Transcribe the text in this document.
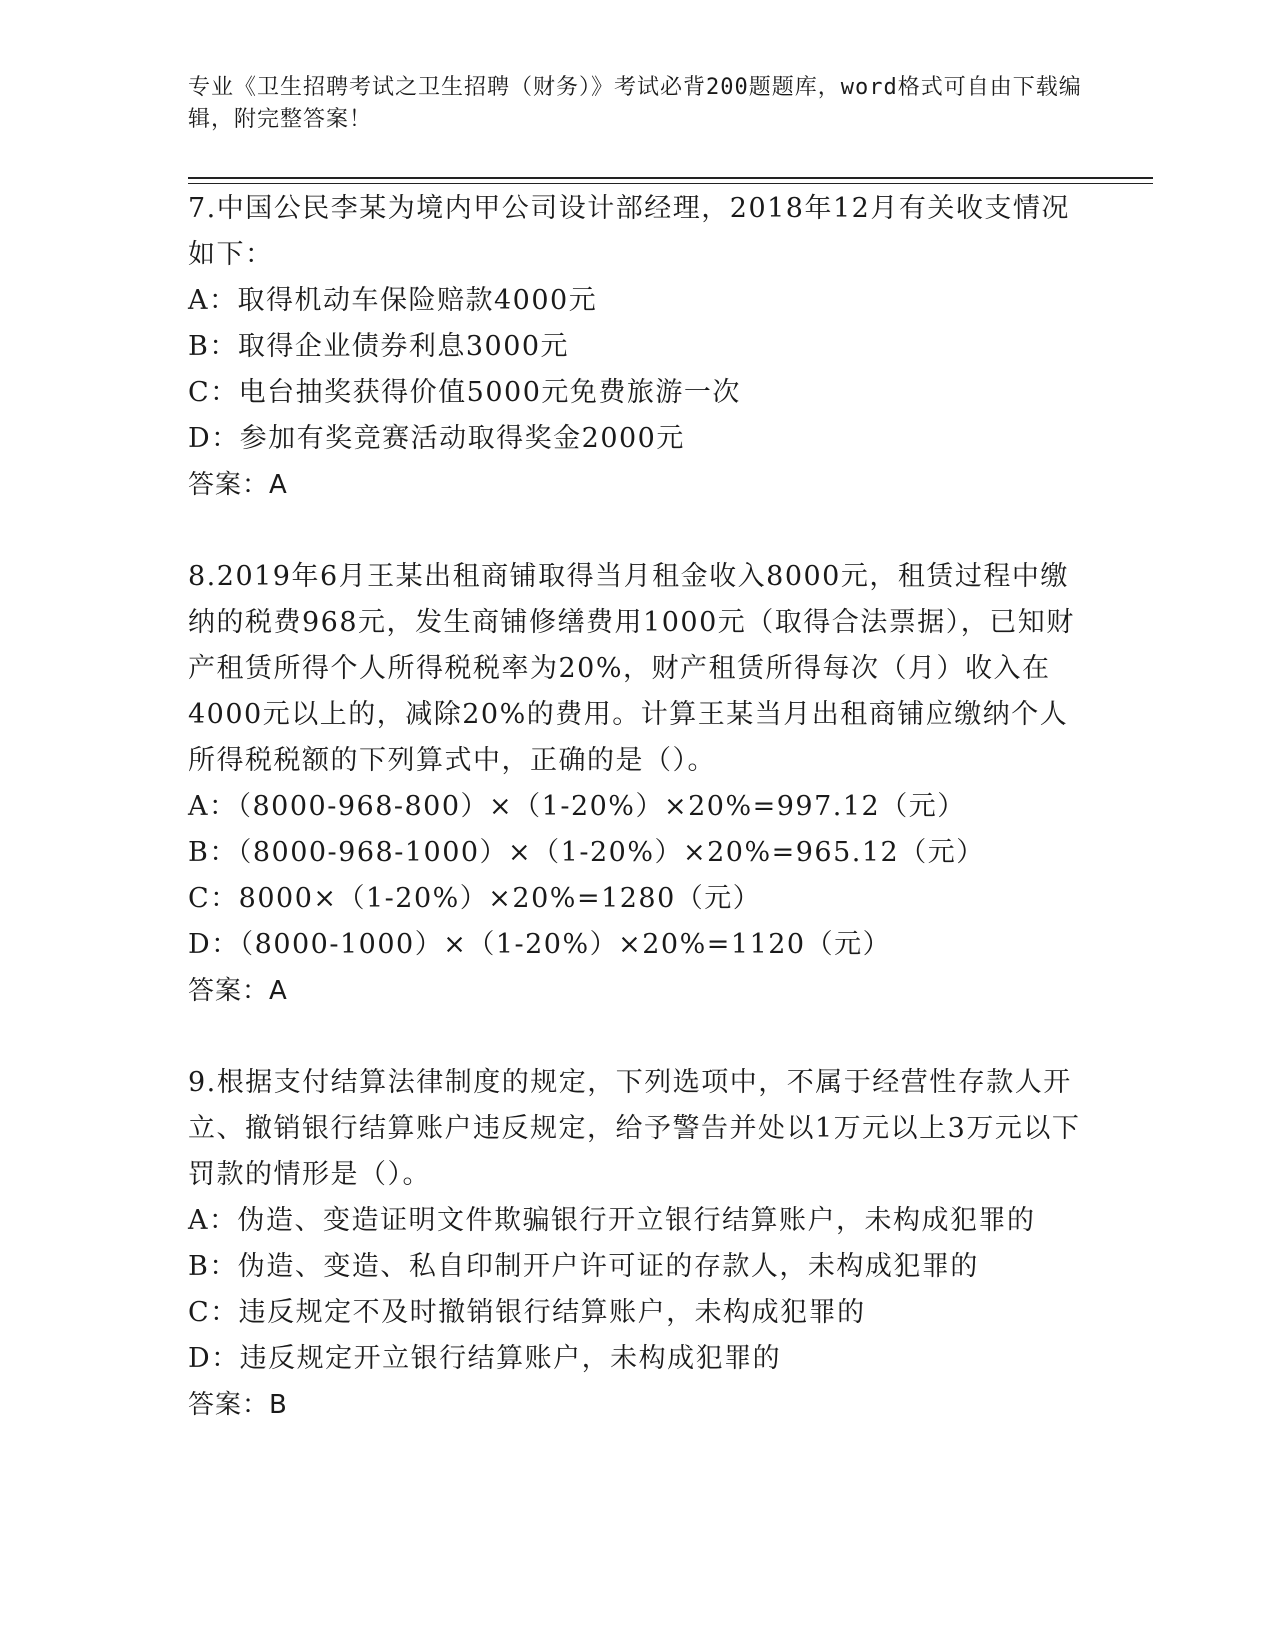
专业《卫生招聘考试之卫生招聘（财务）》考试必背200题题库，word格式可自由下载编辑，附完整答案！

7.中国公民李某为境内甲公司设计部经理，2018年12月有关收支情况如下：

A：取得机动车保险赔款4000元

B：取得企业债券利息3000元

C：电台抽奖获得价值5000元免费旅游一次

D：参加有奖竞赛活动取得奖金2000元

答案：A

8.2019年6月王某出租商铺取得当月租金收入8000元，租赁过程中缴纳的税费968元，发生商铺修缮费用1000元（取得合法票据），已知财产租赁所得个人所得税税率为20%，财产租赁所得每次（月）收入在4000元以上的，减除20%的费用。计算王某当月出租商铺应缴纳个人所得税税额的下列算式中，正确的是（）。

A：（8000-968-800）×（1-20%）×20%=997.12（元）

B：（8000-968-1000）×（1-20%）×20%=965.12（元）

C：8000×（1-20%）×20%=1280（元）

D：（8000-1000）×（1-20%）×20%=1120（元）

答案：A

9.根据支付结算法律制度的规定，下列选项中，不属于经营性存款人开立、撤销银行结算账户违反规定，给予警告并处以1万元以上3万元以下罚款的情形是（）。

A：伪造、变造证明文件欺骗银行开立银行结算账户，未构成犯罪的

B：伪造、变造、私自印制开户许可证的存款人，未构成犯罪的

C：违反规定不及时撤销银行结算账户，未构成犯罪的

D：违反规定开立银行结算账户，未构成犯罪的

答案：B
